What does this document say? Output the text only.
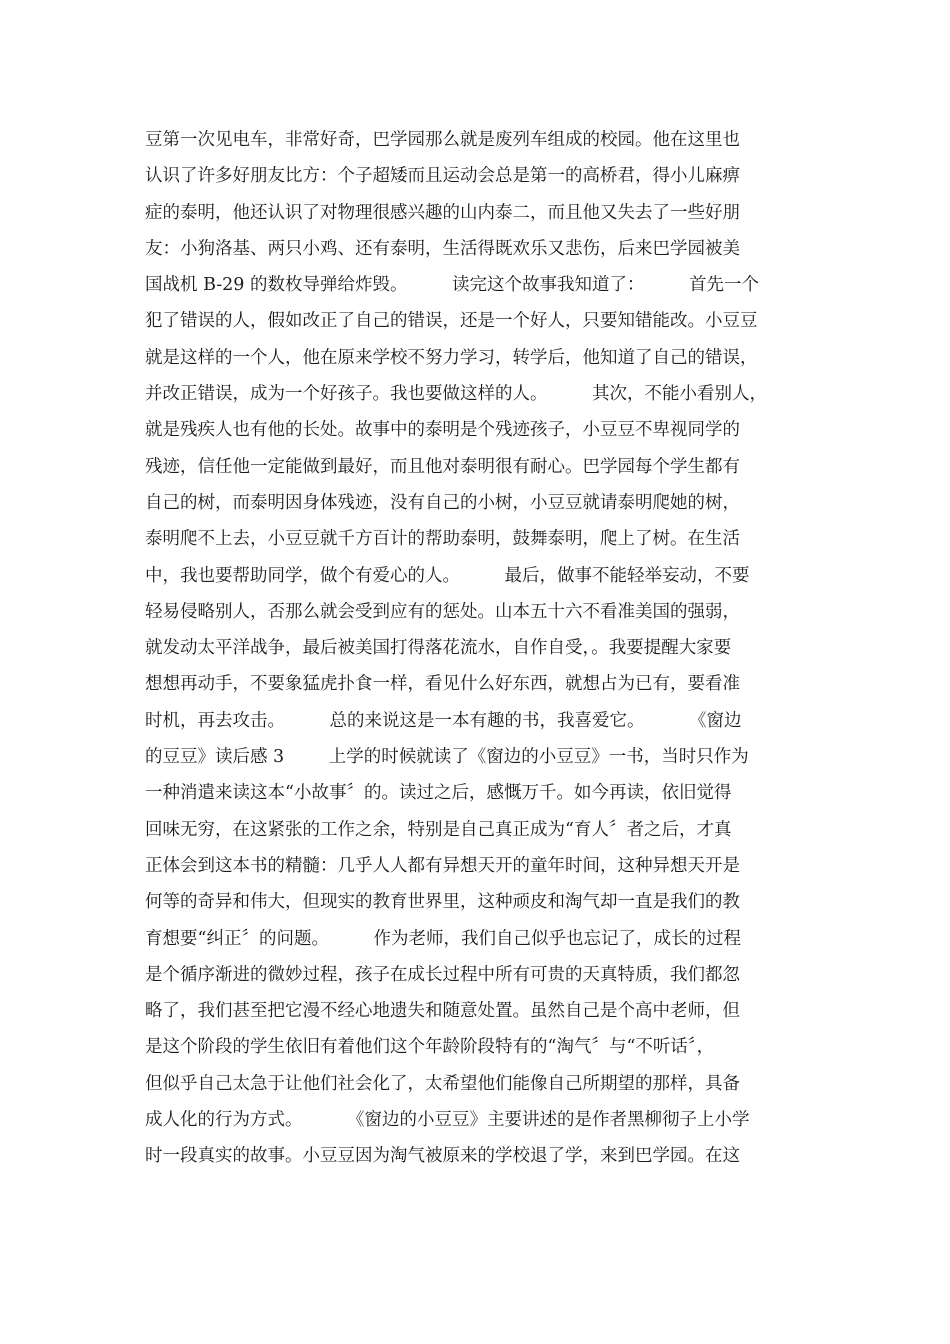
豆第一次见电车，非常好奇，巴学园那么就是废列车组成的校园。他在这里也
认识了许多好朋友比方：个子超矮而且运动会总是第一的高桥君，得小儿麻痹
症的泰明，他还认识了对物理很感兴趣的山内泰二，而且他又失去了一些好朋
友：小狗洛基、两只小鸡、还有泰明，生活得既欢乐又悲伤，后来巴学园被美
国战机 B-29 的数枚导弹给炸毁。        读完这个故事我知道了：        首先一个
犯了错误的人，假如改正了自己的错误，还是一个好人，只要知错能改。小豆豆
就是这样的一个人，他在原来学校不努力学习，转学后，他知道了自己的错误，
并改正错误，成为一个好孩子。我也要做这样的人。        其次，不能小看别人，
就是残疾人也有他的长处。故事中的泰明是个残迹孩子，小豆豆不卑视同学的
残迹，信任他一定能做到最好，而且他对泰明很有耐心。巴学园每个学生都有
自己的树，而泰明因身体残迹，没有自己的小树，小豆豆就请泰明爬她的树，
泰明爬不上去，小豆豆就千方百计的帮助泰明，鼓舞泰明，爬上了树。在生活
中，我也要帮助同学，做个有爱心的人。        最后，做事不能轻举妄动，不要
轻易侵略别人，否那么就会受到应有的惩处。山本五十六不看准美国的强弱，
就发动太平洋战争，最后被美国打得落花流水，自作自受，。我要提醒大家要
想想再动手，不要象猛虎扑食一样，看见什么好东西，就想占为已有，要看准
时机，再去攻击。        总的来说这是一本有趣的书，我喜爱它。        《窗边
的豆豆》读后感 3        上学的时候就读了《窗边的小豆豆》一书，当时只作为
一种消遣来读这本“小故事〞的。读过之后，感慨万千。如今再读，依旧觉得
回味无穷，在这紧张的工作之余，特别是自己真正成为“育人〞者之后，才真
正体会到这本书的精髓：几乎人人都有异想天开的童年时间，这种异想天开是
何等的奇异和伟大，但现实的教育世界里，这种顽皮和淘气却一直是我们的教
育想要“纠正〞的问题。        作为老师，我们自己似乎也忘记了，成长的过程
是个循序渐进的微妙过程，孩子在成长过程中所有可贵的天真特质，我们都忽
略了，我们甚至把它漫不经心地遗失和随意处置。虽然自己是个高中老师，但
是这个阶段的学生依旧有着他们这个年龄阶段特有的“淘气〞与“不听话〞，
但似乎自己太急于让他们社会化了，太希望他们能像自己所期望的那样，具备
成人化的行为方式。        《窗边的小豆豆》主要讲述的是作者黑柳彻子上小学
时一段真实的故事。小豆豆因为淘气被原来的学校退了学，来到巴学园。在这
